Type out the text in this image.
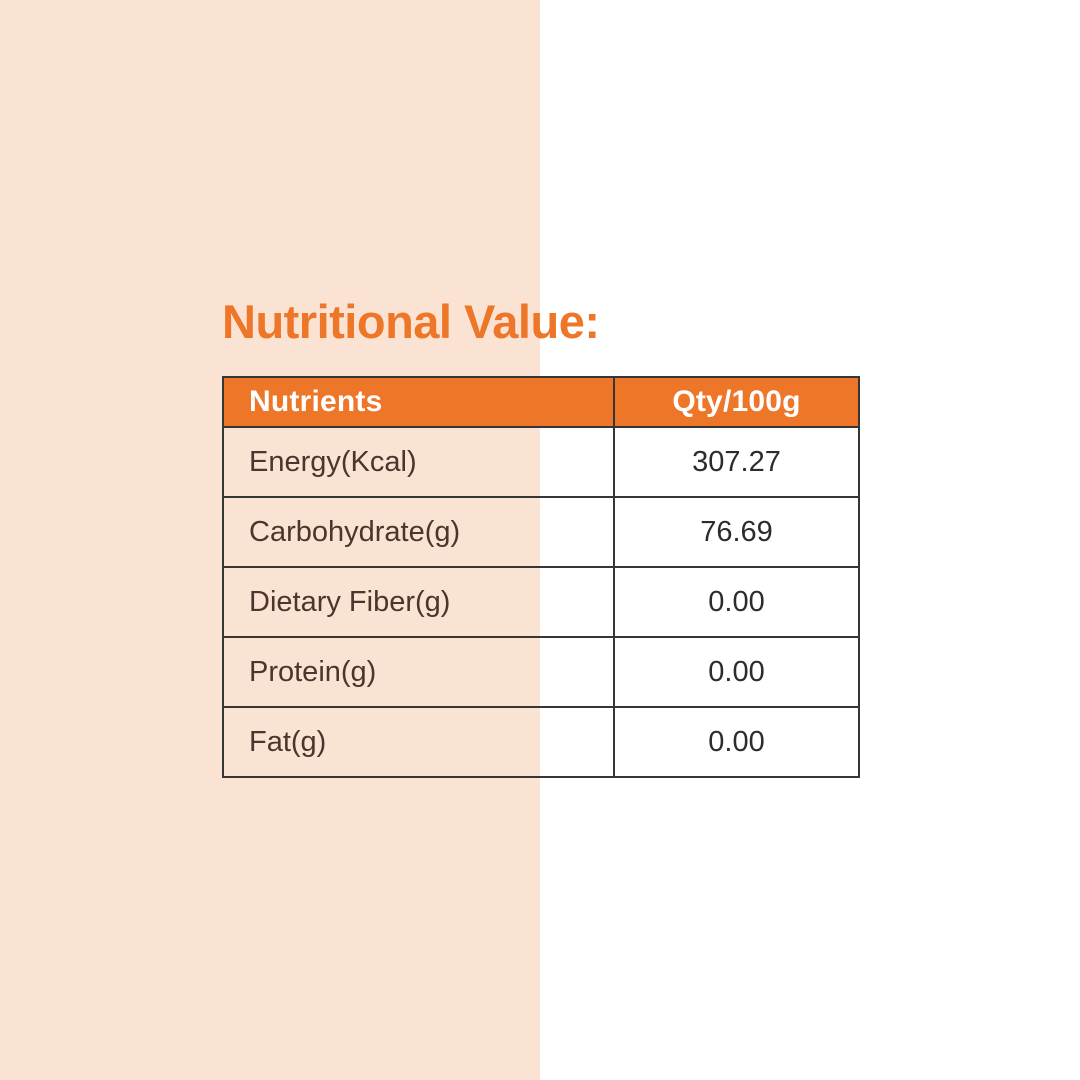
Nutritional Value:
Nutrients	Qty/100g
Energy(Kcal)	307.27
Carbohydrate(g)	76.69
Dietary Fiber(g)	0.00
Protein(g)	0.00
Fat(g)	0.00
